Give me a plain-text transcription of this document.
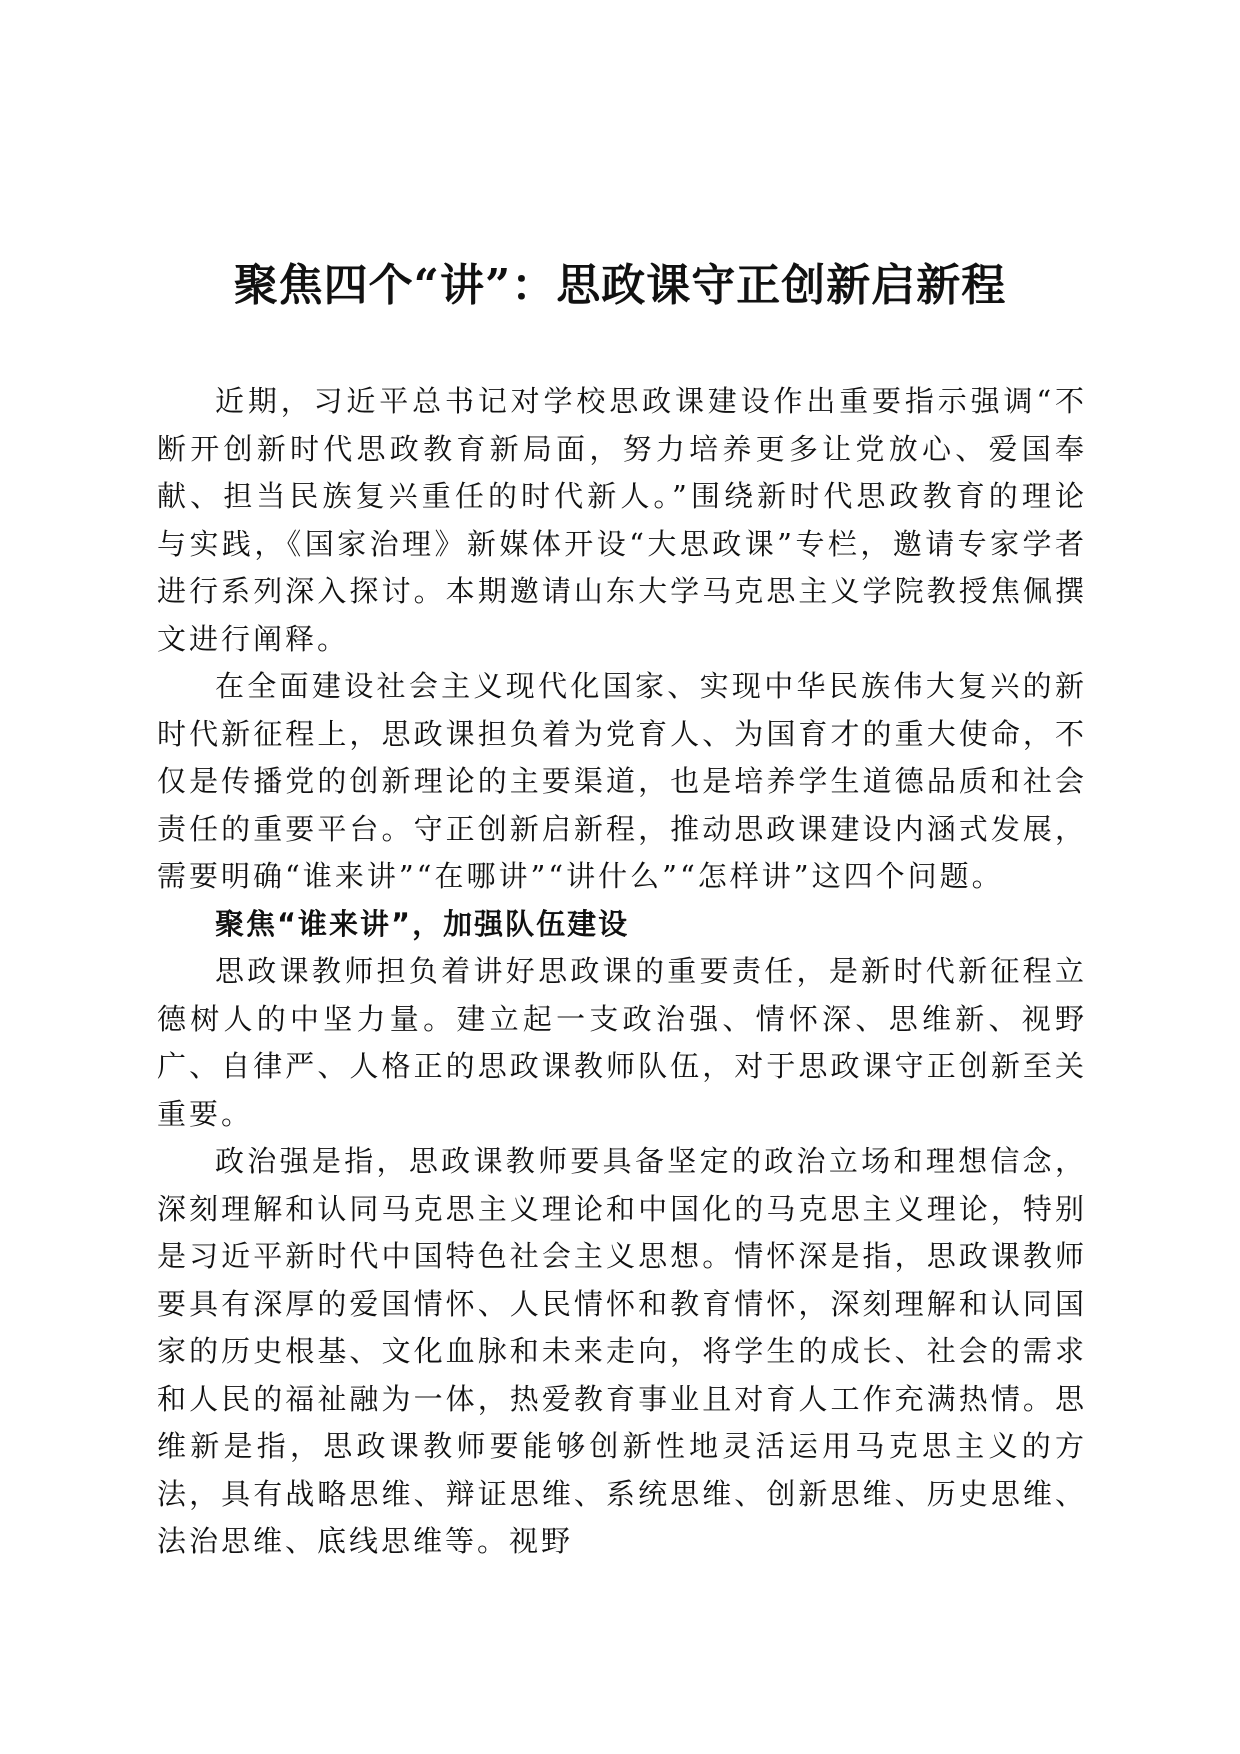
聚焦四个“讲”：思政课守正创新启新程

近期，习近平总书记对学校思政课建设作出重要指示强调“不断开创新时代思政教育新局面，努力培养更多让党放心、爱国奉献、担当民族复兴重任的时代新人。”围绕新时代思政教育的理论与实践，《国家治理》新媒体开设“大思政课”专栏，邀请专家学者进行系列深入探讨。本期邀请山东大学马克思主义学院教授焦佩撰文进行阐释。

在全面建设社会主义现代化国家、实现中华民族伟大复兴的新时代新征程上，思政课担负着为党育人、为国育才的重大使命，不仅是传播党的创新理论的主要渠道，也是培养学生道德品质和社会责任的重要平台。守正创新启新程，推动思政课建设内涵式发展，需要明确“谁来讲”“在哪讲”“讲什么”“怎样讲”这四个问题。

聚焦“谁来讲”，加强队伍建设

思政课教师担负着讲好思政课的重要责任，是新时代新征程立德树人的中坚力量。建立起一支政治强、情怀深、思维新、视野广、自律严、人格正的思政课教师队伍，对于思政课守正创新至关重要。

政治强是指，思政课教师要具备坚定的政治立场和理想信念，深刻理解和认同马克思主义理论和中国化的马克思主义理论，特别是习近平新时代中国特色社会主义思想。情怀深是指，思政课教师要具有深厚的爱国情怀、人民情怀和教育情怀，深刻理解和认同国家的历史根基、文化血脉和未来走向，将学生的成长、社会的需求和人民的福祉融为一体，热爱教育事业且对育人工作充满热情。思维新是指，思政课教师要能够创新性地灵活运用马克思主义的方法，具有战略思维、辩证思维、系统思维、创新思维、历史思维、法治思维、底线思维等。视野
